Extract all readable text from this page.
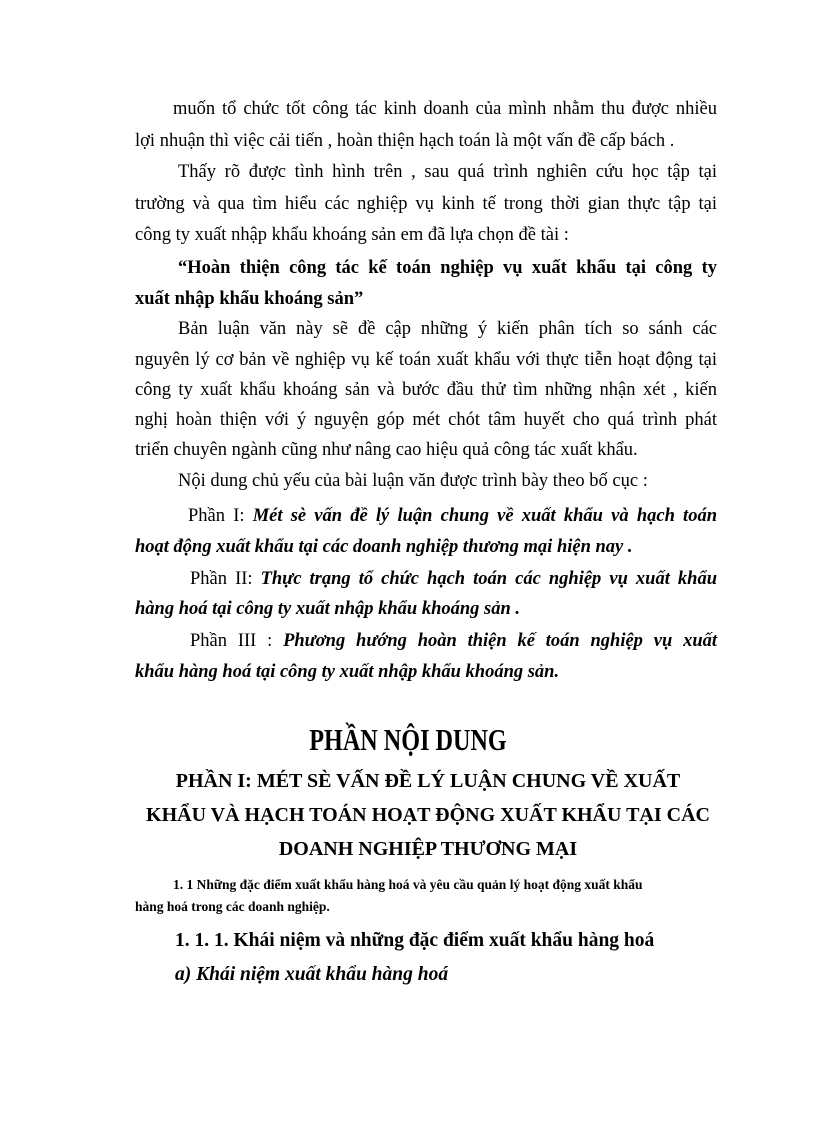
muốn tổ chức tốt công tác kinh doanh của mình nhằm thu được nhiều
lợi nhuận thì việc cải tiến , hoàn thiện hạch toán là một vấn đề cấp bách .
Thấy rõ được tình hình trên , sau quá trình nghiên cứu học tập tại
trường và qua tìm hiểu các nghiệp vụ kinh tế trong thời gian thực tập tại
công ty xuất nhập khẩu khoáng sản em đã lựa chọn đề tài :
“Hoàn thiện công tác kế toán nghiệp vụ xuất khẩu tại công ty
xuất nhập khẩu khoáng sản”
Bản luận văn này sẽ đề cập những ý kiến phân tích so sánh các
nguyên lý cơ bản về nghiệp vụ kế toán xuất khẩu với thực tiễn hoạt động tại
công ty xuất khẩu khoáng sản và bước đầu thử tìm những nhận xét , kiến
nghị hoàn thiện với ý nguyện góp mét chót tâm huyết cho quá trình phát
triển chuyên ngành cũng như nâng cao hiệu quả công tác xuất khẩu.
Nội dung chủ yếu của bài luận văn được trình bày theo bố cục :
Phần I: Mét sè vấn đề lý luận chung về xuất khẩu và hạch toán
hoạt động xuất khẩu tại các doanh nghiệp thương mại hiện nay .
Phần II: Thực trạng tổ chức hạch toán các nghiệp vụ xuất khẩu
hàng hoá tại công ty xuất nhập khẩu khoáng sản .
Phần III : Phương hướng hoàn thiện kế toán nghiệp vụ xuất
khẩu hàng hoá tại công ty xuất nhập khẩu khoáng sản.
PHẦN NỘI DUNG
PHẦN I: MÉT SÈ VẤN ĐỀ LÝ LUẬN CHUNG VỀ XUẤT
KHẨU VÀ HẠCH TOÁN HOẠT ĐỘNG XUẤT KHẨU TẠI CÁC
DOANH NGHIỆP THƯƠNG MẠI
1. 1 Những đặc điểm xuất khẩu hàng hoá và yêu cầu quản lý hoạt động xuất khẩu
hàng hoá trong các doanh nghiệp.
1. 1. 1. Khái niệm và những đặc điểm xuất khẩu hàng hoá
a) Khái niệm xuất khẩu hàng hoá
